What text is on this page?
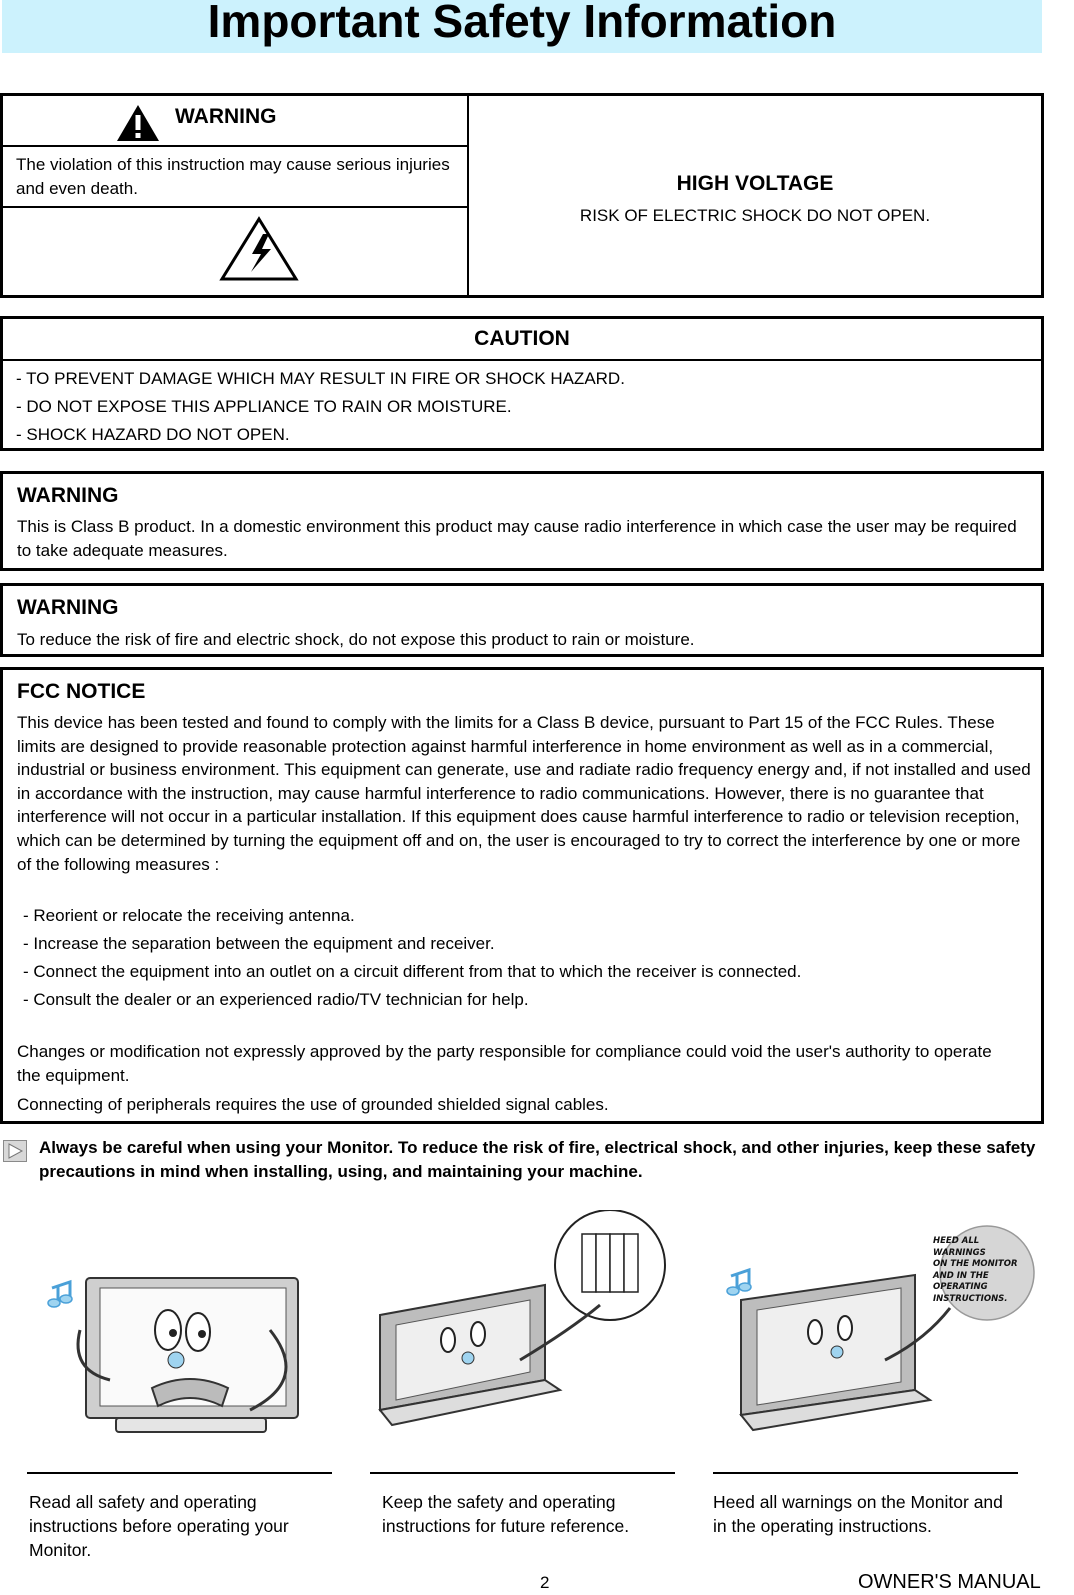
Important Safety Information
WARNING
The violation of this instruction may cause serious injuries and even death.	HIGH VOLTAGE
RISK OF ELECTRIC SHOCK DO NOT OPEN.
CAUTION
- TO PREVENT DAMAGE WHICH MAY RESULT IN FIRE OR SHOCK HAZARD.
- DO NOT EXPOSE THIS APPLIANCE TO RAIN OR MOISTURE.
- SHOCK HAZARD DO NOT OPEN.
WARNING
This is Class B product. In a domestic environment this product may cause radio interference in which case the user may be required to take adequate measures.
WARNING
To reduce the risk of fire and electric shock, do not expose this product to rain or moisture.
FCC NOTICE
This device has been tested and found to comply with the limits for a Class B device, pursuant to Part 15 of the FCC Rules. These limits are designed to provide reasonable protection against harmful interference in home environment as well as in a commercial, industrial or business environment. This equipment can generate, use and radiate radio frequency energy and, if not installed and used in accordance with the instruction, may cause harmful interference to radio communications. However, there is no guarantee that interference will not occur in a particular installation. If this equipment does cause harmful interference to radio or television reception, which can be determined by turning the equipment off and on, the user is encouraged to try to correct the interference by one or more of the following measures :
- Reorient or relocate the receiving antenna.
- Increase the separation between the equipment and receiver.
- Connect the equipment into an outlet on a circuit different from that to which the receiver is connected.
- Consult the dealer or an experienced radio/TV technician for help.
Changes or modification not expressly approved by the party responsible for compliance could void the user's authority to operate the equipment.
Connecting of peripherals requires the use of grounded shielded signal cables.
Always be careful when using your Monitor. To reduce the risk of fire, electrical shock, and other injuries, keep these safety precautions in mind when installing, using, and maintaining your machine.
HEED ALL
WARNINGS
ON THE MONITOR
AND IN THE
OPERATING
INSTRUCTIONS.
Read all safety and operating instructions before operating your Monitor.
Keep the safety and operating instructions for future reference.
Heed all warnings on the Monitor and in the operating instructions.
2	OWNER'S MANUAL
